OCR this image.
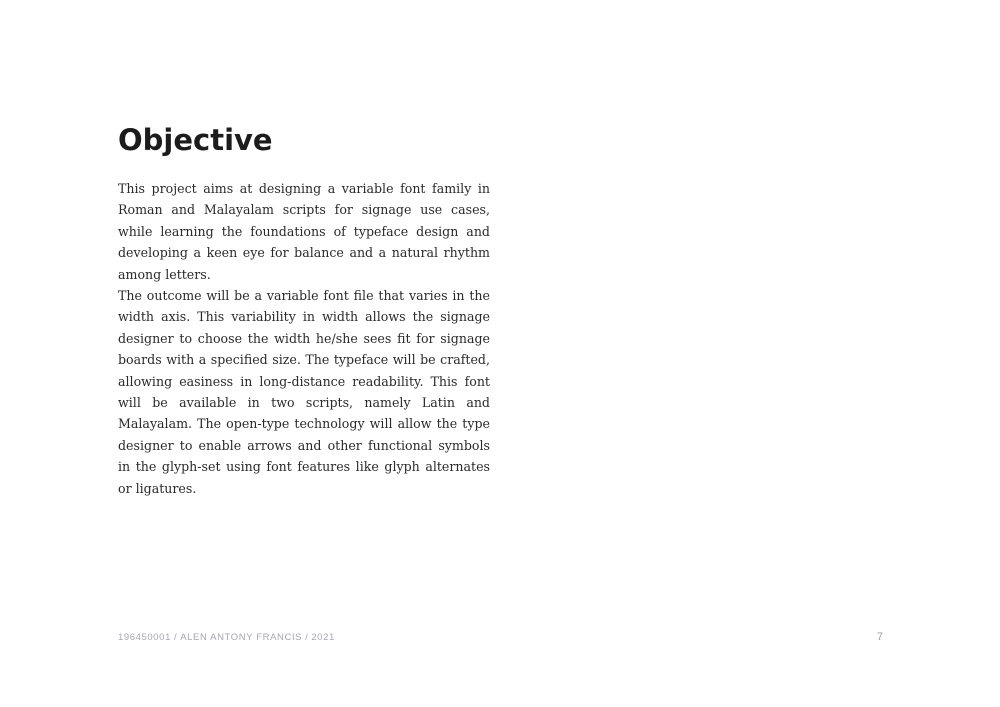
Objective

This project aims at designing a variable font family in Roman and Malayalam scripts for signage use cases, while learning the foundations of typeface design and developing a keen eye for balance and a natural rhythm among letters.

The outcome will be a variable font file that varies in the width axis. This variability in width allows the signage designer to choose the width he/she sees fit for signage boards with a specified size. The typeface will be crafted, allowing easiness in long-distance readability. This font will be available in two scripts, namely Latin and Malayalam. The open-type technology will allow the type designer to enable arrows and other functional symbols in the glyph-set using font features like glyph alternates or ligatures.

196450001 / ALEN ANTONY FRANCIS / 2021	7
